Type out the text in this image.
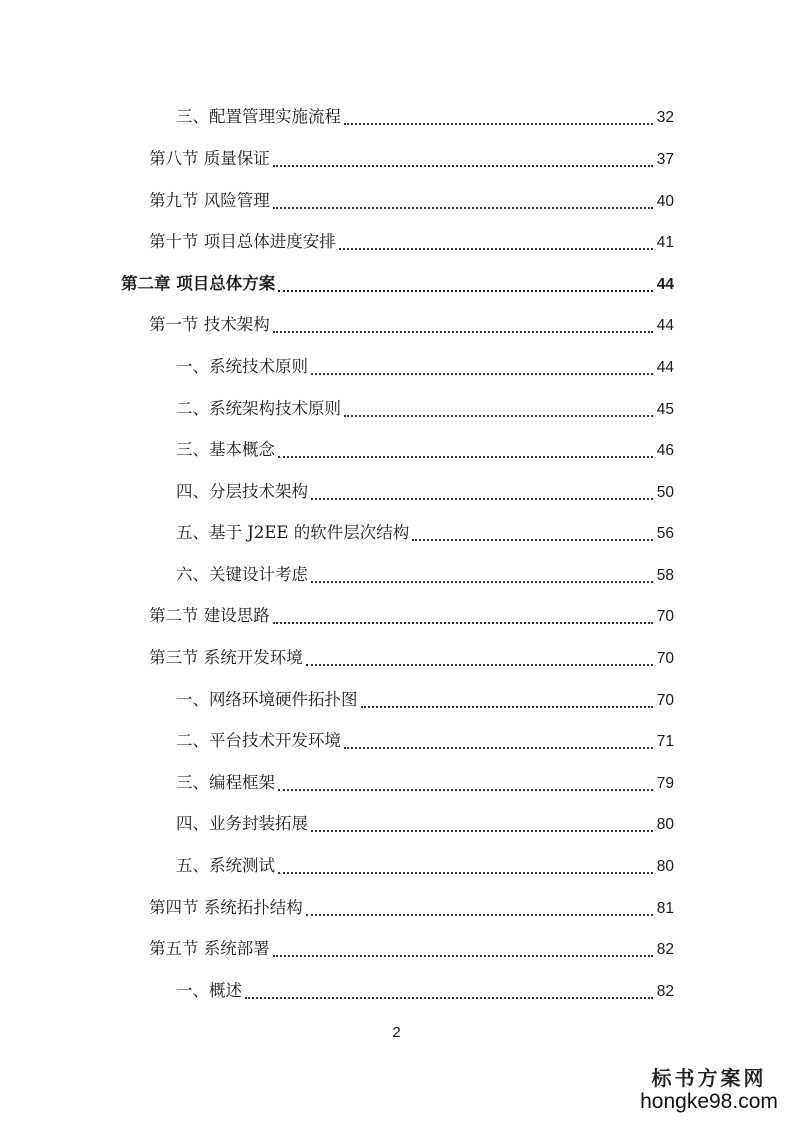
三、配置管理实施流程	32
第八节 质量保证	37
第九节 风险管理	40
第十节 项目总体进度安排	41
第二章 项目总体方案	44
第一节 技术架构	44
一、系统技术原则	44
二、系统架构技术原则	45
三、基本概念	46
四、分层技术架构	50
五、基于 J2EE 的软件层次结构	56
六、关键设计考虑	58
第二节 建设思路	70
第三节 系统开发环境	70
一、网络环境硬件拓扑图	70
二、平台技术开发环境	71
三、编程框架	79
四、业务封装拓展	80
五、系统测试	80
第四节 系统拓扑结构	81
第五节 系统部署	82
一、概述	82
2
标书方案网
hongke98.com
